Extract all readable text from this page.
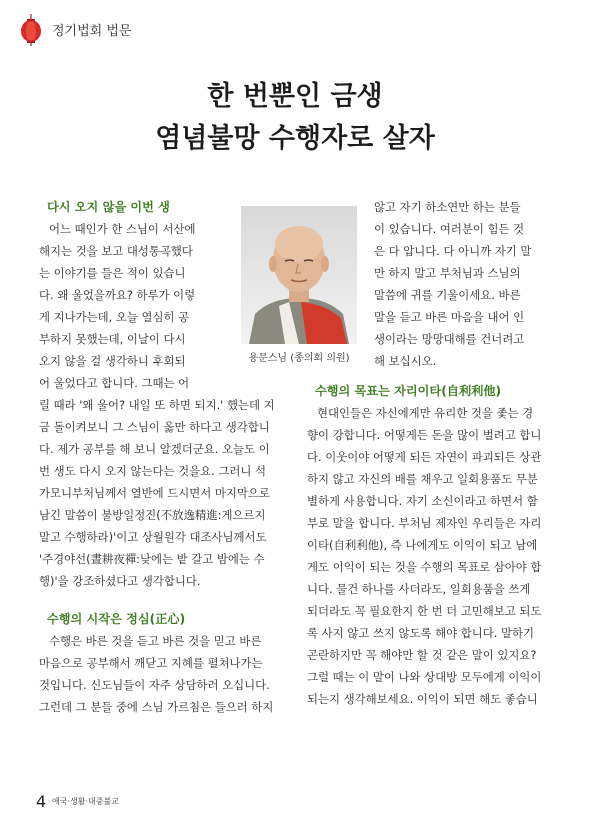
정기법회 법문
한 번뿐인 금생
염념불망 수행자로 살자
용문스님 (종의회 의원)

다시 오지 않을 이번 생

어느 때인가 한 스님이 서산에

해지는 것을 보고 대성통곡했다

는 이야기를 들은 적이 있습니

다. 왜 울었을까요? 하루가 이렇

게 지나가는데, 오늘 열심히 공

부하지 못했는데, 이날이 다시

오지 않을 걸 생각하니 후회되

어 울었다고 합니다. 그때는 어

릴 때라 '왜 울어? 내일 또 하면 되지.' 했는데 지

금 돌이켜보니 그 스님이 옳만 하다고 생각합니

다. 제가 공부를 해 보니 알겠더군요. 오늘도 이

번 생도 다시 오지 않는다는 것을요. 그러니 석

가모니부처님께서 열반에 드시면서 마지막으로

남긴 말씀이 불방일정진(不放逸精進:게으르지

말고 수행하라)'이고 상월원각 대조사님께서도

'주경야선(晝耕夜禪:낮에는 밭 갈고 밤에는 수

행)'을 강조하셨다고 생각합니다.

수행의 시작은 정심(正心)

수행은 바른 것을 듣고 바른 것을 믿고 바른

마음으로 공부해서 깨닫고 지혜를 펼쳐나가는

것입니다. 신도님들이 자주 상담하러 오십니다.

그런데 그 분들 중에 스님 가르침은 들으러 하지

않고 자기 하소연만 하는 분들

이 있습니다. 여러분이 힘든 것

은 다 압니다. 다 아니까 자기 말

만 하지 말고 부처님과 스님의

말씀에 귀를 기울이세요. 바른

말을 듣고 바른 마음을 내어 인

생이라는 망망대해를 건너려고

해 보십시오.

수행의 목표는 자리이타(自利利他)

현대인들은 자신에게만 유리한 것을 좇는 경

향이 강합니다. 어떻게든 돈을 많이 벌려고 합니

다. 이웃이야 어떻게 되든 자연이 파괴되든 상관

하지 않고 자신의 배를 채우고 일회용품도 무분

별하게 사용합니다. 자기 소신이라고 하면서 함

부로 말을 합니다. 부처님 제자인 우리들은 자리

이타(自利利他), 즉 나에게도 이익이 되고 남에

게도 이익이 되는 것을 수행의 목표로 삼아야 합

니다. 물건 하나를 사더라도, 일회용품을 쓰게

되더라도 꼭 필요한지 한 번 더 고민해보고 되도

록 사지 않고 쓰지 않도록 해야 합니다. 말하기

곤란하지만 꼭 해야만 할 것 같은 말이 있지요?

그럴 때는 이 말이 나와 상대방 모두에게 이익이

되는지 생각해보세요. 이익이 되면 해도 좋습니

4 애국·생활·대중불교
